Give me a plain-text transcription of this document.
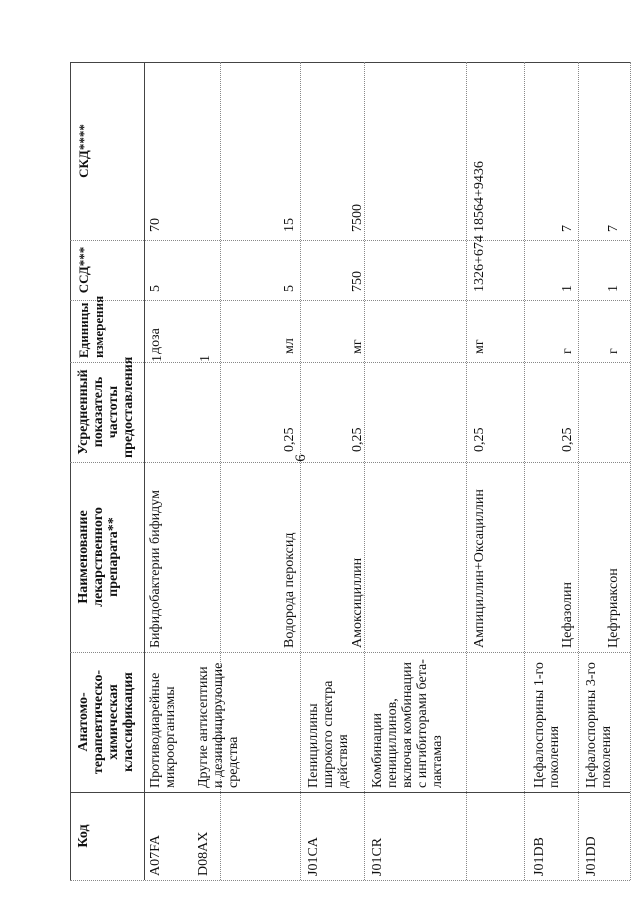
6
Код
Анатомо-терапевтическо-химическая классификация
Наименование лекарственного препарата**
Усредненный показатель частоты предоставления
Единицы измерения
ССД***
СКД****
A07FA
Противодиарейные микроорганизмы
Бифидобактерии бифидум
1
доза
5
70
D08AX
Другие антисептики и дезинфицирующие средства
1
Водорода пероксид
0,25
мл
5
15
J01CA
Пенициллины широкого спектра действия
Амоксициллин
0,25
мг
750
7500
J01CR
Комбинации пенициллинов, включая комбинации с ингибиторами бета-лактамаз
Ампициллин+Оксациллин
0,25
мг
1326+674
18564+9436
J01DB
Цефалоспорины 1-го поколения
Цефазолин
0,25
г
1
7
J01DD
Цефалоспорины 3-го поколения
Цефтриаксон
г
1
7
